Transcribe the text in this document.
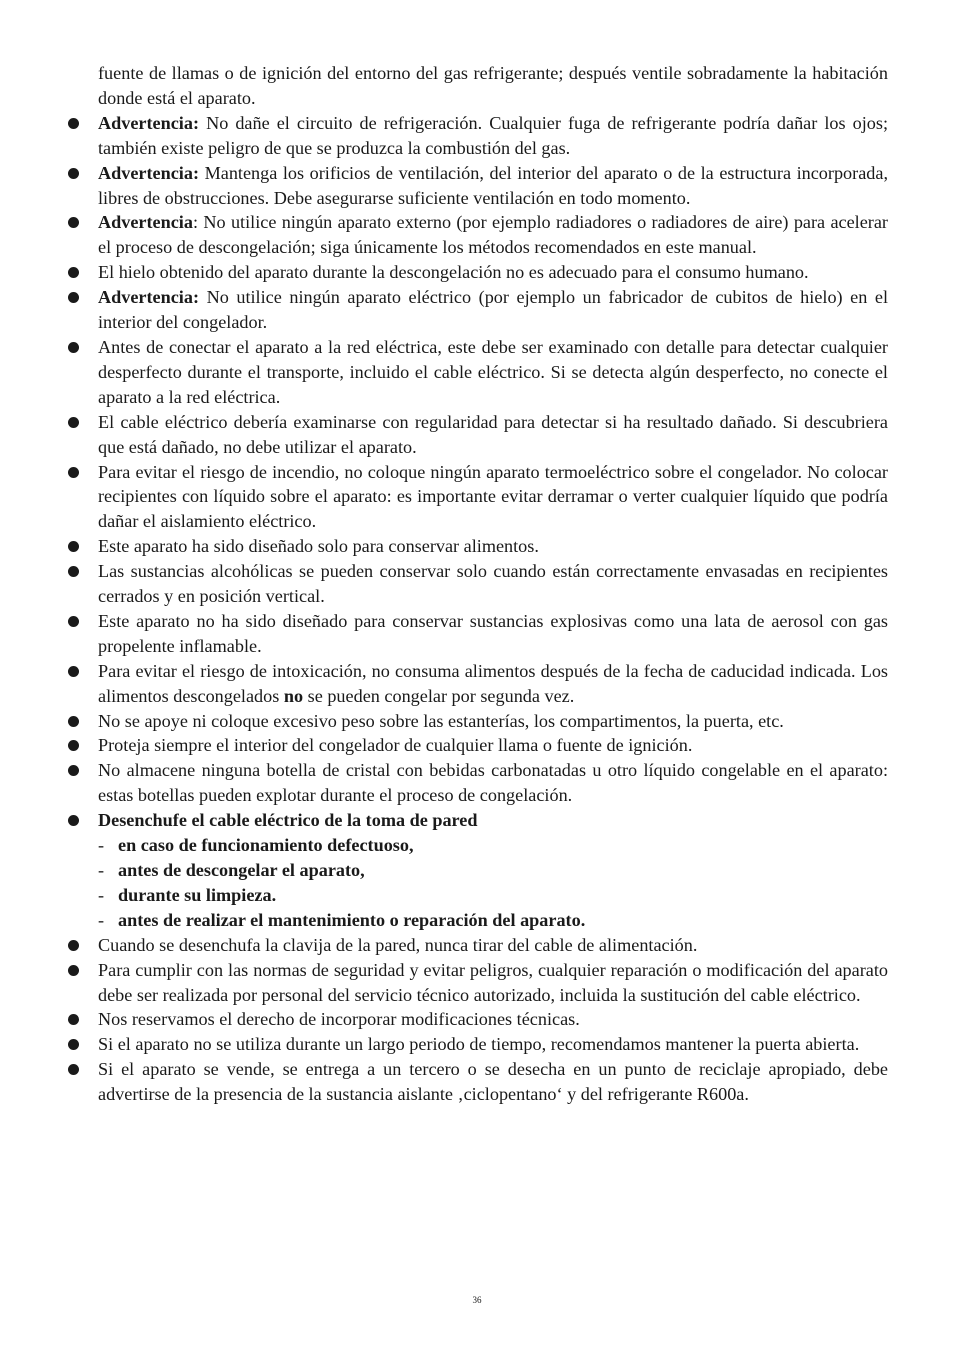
fuente de llamas o de ignición del entorno del gas refrigerante; después ventile sobradamente la habitación donde está el aparato.

Advertencia: No dañe el circuito de refrigeración. Cualquier fuga de refrigerante podría dañar los ojos; también existe peligro de que se produzca la combustión del gas.
Advertencia: Mantenga los orificios de ventilación, del interior del aparato o de la estructura incorporada, libres de obstrucciones. Debe asegurarse suficiente ventilación en todo momento.
Advertencia: No utilice ningún aparato externo (por ejemplo radiadores o radiadores de aire) para acelerar el proceso de descongelación; siga únicamente los métodos recomendados en este manual.
El hielo obtenido del aparato durante la descongelación no es adecuado para el consumo humano.
Advertencia: No utilice ningún aparato eléctrico (por ejemplo un fabricador de cubitos de hielo) en el interior del congelador.
Antes de conectar el aparato a la red eléctrica, este debe ser examinado con detalle para detectar cualquier desperfecto durante el transporte, incluido el cable eléctrico. Si se detecta algún desperfecto, no conecte el aparato a la red eléctrica.
El cable eléctrico debería examinarse con regularidad para detectar si ha resultado dañado. Si descubriera que está dañado, no debe utilizar el aparato.
Para evitar el riesgo de incendio, no coloque ningún aparato termoeléctrico sobre el congelador. No colocar recipientes con líquido sobre el aparato: es importante evitar derramar o verter cualquier líquido que podría dañar el aislamiento eléctrico.
Este aparato ha sido diseñado solo para conservar alimentos.
Las sustancias alcohólicas se pueden conservar solo cuando están correctamente envasadas en recipientes cerrados y en posición vertical.
Este aparato no ha sido diseñado para conservar sustancias explosivas como una lata de aerosol con gas propelente inflamable.
Para evitar el riesgo de intoxicación, no consuma alimentos después de la fecha de caducidad indicada. Los alimentos descongelados no se pueden congelar por segunda vez.
No se apoye ni coloque excesivo peso sobre las estanterías, los compartimentos, la puerta, etc.
Proteja siempre el interior del congelador de cualquier llama o fuente de ignición.
No almacene ninguna botella de cristal con bebidas carbonatadas u otro líquido congelable en el aparato: estas botellas pueden explotar durante el proceso de congelación.
Desenchufe el cable eléctrico de la toma de pared
- en caso de funcionamiento defectuoso,
- antes de descongelar el aparato,
- durante su limpieza.
- antes de realizar el mantenimiento o reparación del aparato.
Cuando se desenchufa la clavija de la pared, nunca tirar del cable de alimentación.
Para cumplir con las normas de seguridad y evitar peligros, cualquier reparación o modificación del aparato debe ser realizada por personal del servicio técnico autorizado, incluida la sustitución del cable eléctrico.
Nos reservamos el derecho de incorporar modificaciones técnicas.
Si el aparato no se utiliza durante un largo periodo de tiempo, recomendamos mantener la puerta abierta.
Si el aparato se vende, se entrega a un tercero o se desecha en un punto de reciclaje apropiado, debe advertirse de la presencia de la sustancia aislante ‚ciclopentano‘ y del refrigerante R600a.
36
